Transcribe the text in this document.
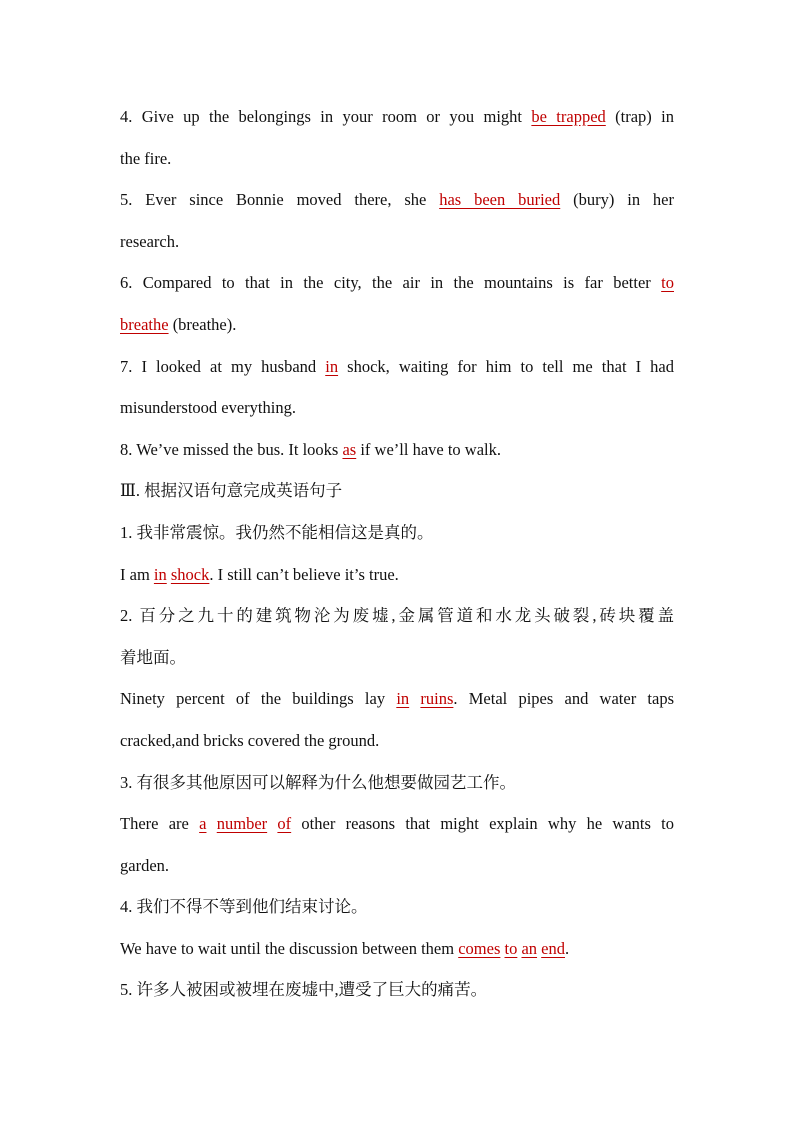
4. Give up the belongings in your room or you might be trapped (trap) in
the fire.
5. Ever since Bonnie moved there, she has been buried (bury) in her
research.
6. Compared to that in the city, the air in the mountains is far better to
breathe (breathe).
7. I looked at my husband in shock, waiting for him to tell me that I had
misunderstood everything.
8. We’ve missed the bus. It looks as if we’ll have to walk.
Ⅲ. 根据汉语句意完成英语句子
1. 我非常震惊。我仍然不能相信这是真的。
I am in shock. I still can’t believe it’s true.
2. 百分之九十的建筑物沦为废墟,金属管道和水龙头破裂,砖块覆盖
着地面。
Ninety percent of the buildings lay in ruins. Metal pipes and water taps
cracked,and bricks covered the ground.
3. 有很多其他原因可以解释为什么他想要做园艺工作。
There are a number of other reasons that might explain why he wants to
garden.
4. 我们不得不等到他们结束讨论。
We have to wait until the discussion between them comes to an end.
5. 许多人被困或被埋在废墟中,遭受了巨大的痛苦。
